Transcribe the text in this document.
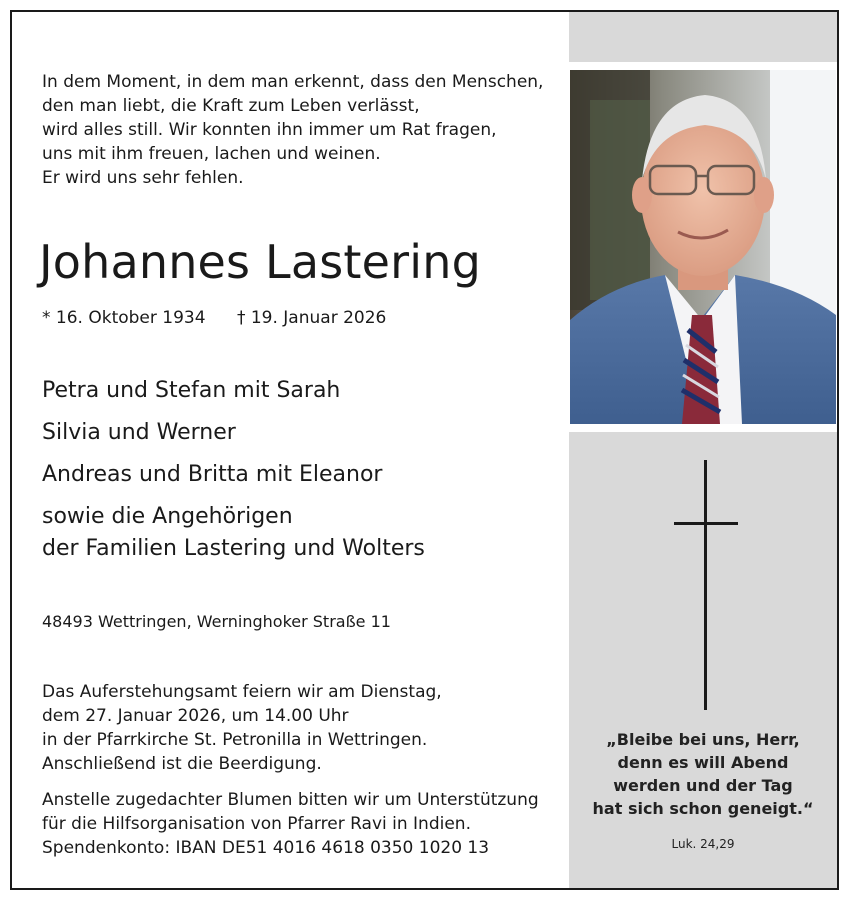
In dem Moment, in dem man erkennt, dass den Menschen,
den man liebt, die Kraft zum Leben verlässt,
wird alles still. Wir konnten ihn immer um Rat fragen,
uns mit ihm freuen, lachen und weinen.
Er wird uns sehr fehlen.
Johannes Lastering
* 16. Oktober 1934 † 19. Januar 2026
Petra und Stefan mit Sarah
Silvia und Werner
Andreas und Britta mit Eleanor
sowie die Angehörigen
der Familien Lastering und Wolters
48493 Wettringen, Werninghoker Straße 11
Das Auferstehungsamt feiern wir am Dienstag,
dem 27. Januar 2026, um 14.00 Uhr
in der Pfarrkirche St. Petronilla in Wettringen.
Anschließend ist die Beerdigung.
Anstelle zugedachter Blumen bitten wir um Unterstützung
für die Hilfsorganisation von Pfarrer Ravi in Indien.
Spendenkonto: IBAN DE51 4016 4618 0350 1020 13
„Bleibe bei uns, Herr,
denn es will Abend
werden und der Tag
hat sich schon geneigt.“
Luk. 24,29
